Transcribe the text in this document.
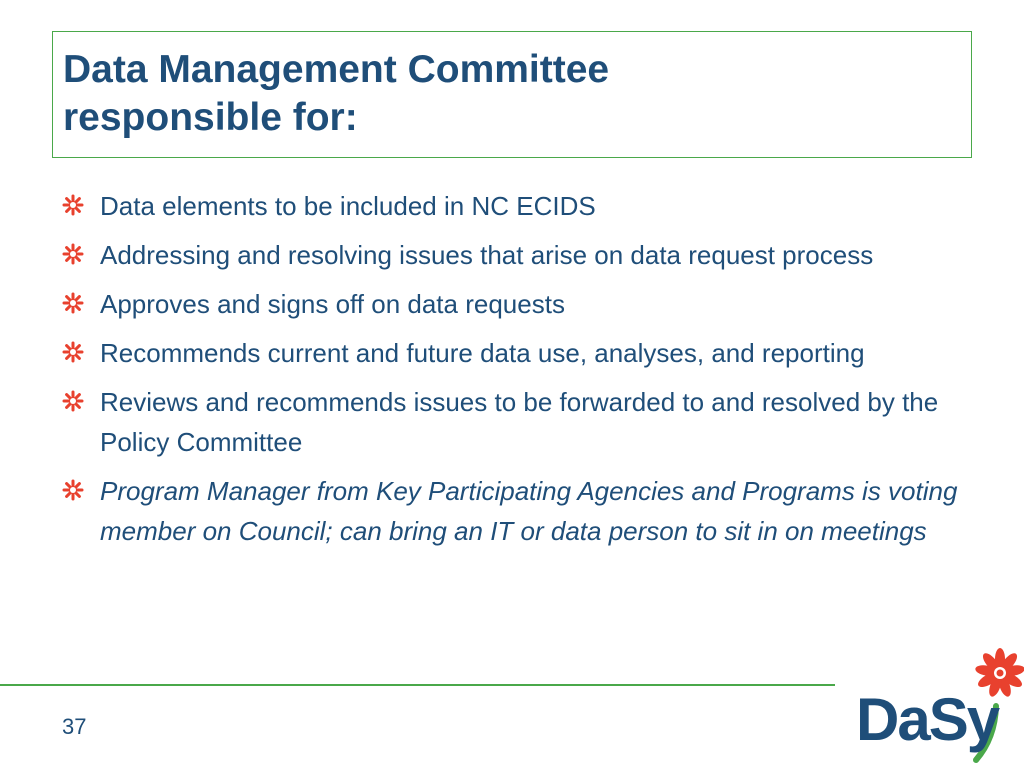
Data Management Committee
responsible for:
Data elements to be included in NC ECIDS
Addressing and resolving issues that arise on data request process
Approves and signs off on data requests
Recommends current and future data use, analyses, and reporting
Reviews and recommends issues to be forwarded to and resolved by the Policy Committee
Program Manager from Key Participating Agencies and Programs is voting member on Council; can bring an IT or data person to sit in on meetings
37	DaSy
